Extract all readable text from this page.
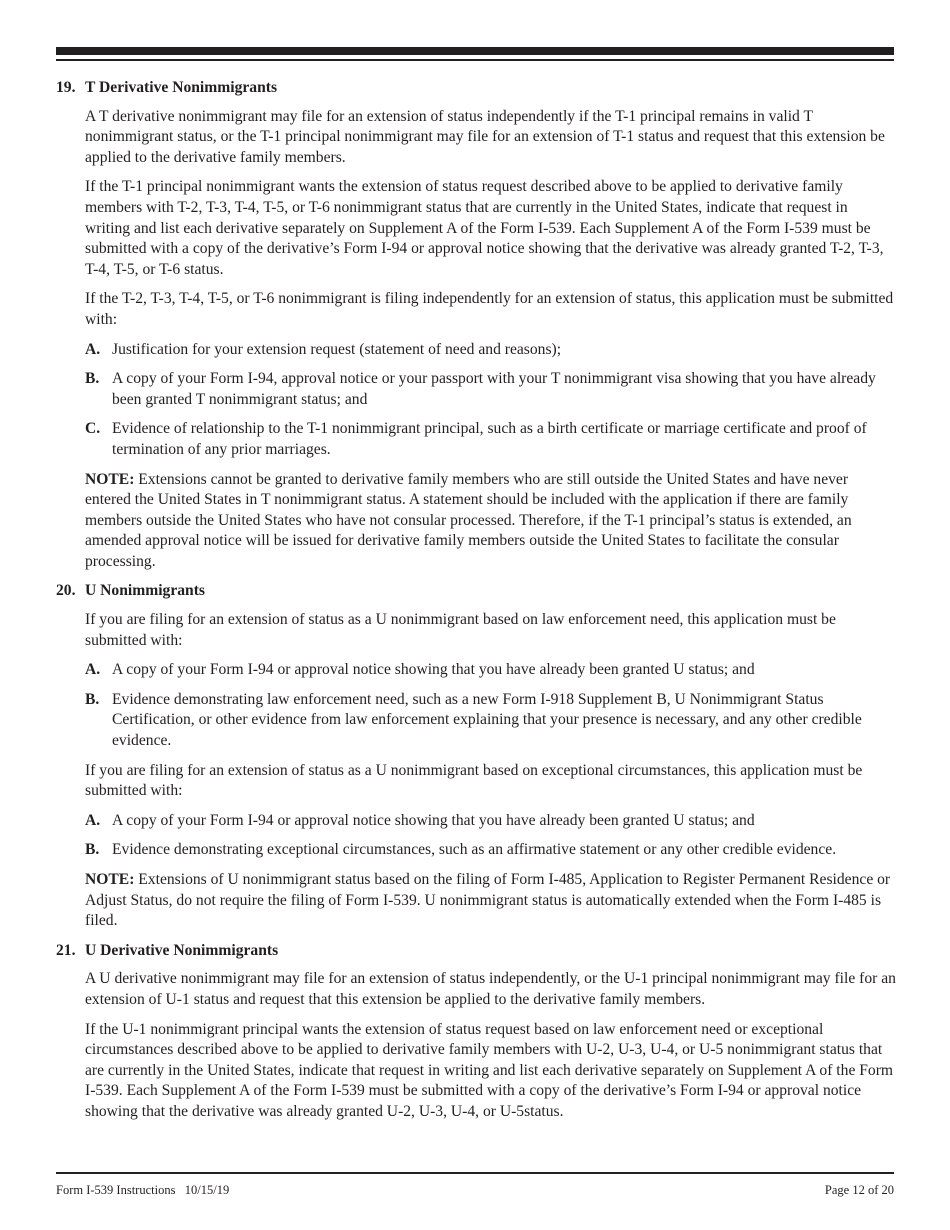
19. T Derivative Nonimmigrants

A T derivative nonimmigrant may file for an extension of status independently if the T-1 principal remains in valid T nonimmigrant status, or the T-1 principal nonimmigrant may file for an extension of T-1 status and request that this extension be applied to the derivative family members.

If the T-1 principal nonimmigrant wants the extension of status request described above to be applied to derivative family members with T-2, T-3, T-4, T-5, or T-6 nonimmigrant status that are currently in the United States, indicate that request in writing and list each derivative separately on Supplement A of the Form I-539. Each Supplement A of the Form I-539 must be submitted with a copy of the derivative’s Form I-94 or approval notice showing that the derivative was already granted T-2, T-3, T-4, T-5, or T-6 status.

If the T-2, T-3, T-4, T-5, or T-6 nonimmigrant is filing independently for an extension of status, this application must be submitted with:

A. Justification for your extension request (statement of need and reasons);
B. A copy of your Form I-94, approval notice or your passport with your T nonimmigrant visa showing that you have already been granted T nonimmigrant status; and
C. Evidence of relationship to the T-1 nonimmigrant principal, such as a birth certificate or marriage certificate and proof of termination of any prior marriages.

NOTE: Extensions cannot be granted to derivative family members who are still outside the United States and have never entered the United States in T nonimmigrant status. A statement should be included with the application if there are family members outside the United States who have not consular processed. Therefore, if the T-1 principal’s status is extended, an amended approval notice will be issued for derivative family members outside the United States to facilitate the consular processing.

20. U Nonimmigrants

If you are filing for an extension of status as a U nonimmigrant based on law enforcement need, this application must be submitted with:

A. A copy of your Form I-94 or approval notice showing that you have already been granted U status; and
B. Evidence demonstrating law enforcement need, such as a new Form I-918 Supplement B, U Nonimmigrant Status Certification, or other evidence from law enforcement explaining that your presence is necessary, and any other credible evidence.

If you are filing for an extension of status as a U nonimmigrant based on exceptional circumstances, this application must be submitted with:

A. A copy of your Form I-94 or approval notice showing that you have already been granted U status; and
B. Evidence demonstrating exceptional circumstances, such as an affirmative statement or any other credible evidence.

NOTE: Extensions of U nonimmigrant status based on the filing of Form I-485, Application to Register Permanent Residence or Adjust Status, do not require the filing of Form I-539. U nonimmigrant status is automatically extended when the Form I-485 is filed.

21. U Derivative Nonimmigrants

A U derivative nonimmigrant may file for an extension of status independently, or the U-1 principal nonimmigrant may file for an extension of U-1 status and request that this extension be applied to the derivative family members.

If the U-1 nonimmigrant principal wants the extension of status request based on law enforcement need or exceptional circumstances described above to be applied to derivative family members with U-2, U-3, U-4, or U-5 nonimmigrant status that are currently in the United States, indicate that request in writing and list each derivative separately on Supplement A of the Form I-539. Each Supplement A of the Form I-539 must be submitted with a copy of the derivative’s Form I-94 or approval notice showing that the derivative was already granted U-2, U-3, U-4, or U-5status.

Form I-539 Instructions   10/15/19	Page 12 of 20
